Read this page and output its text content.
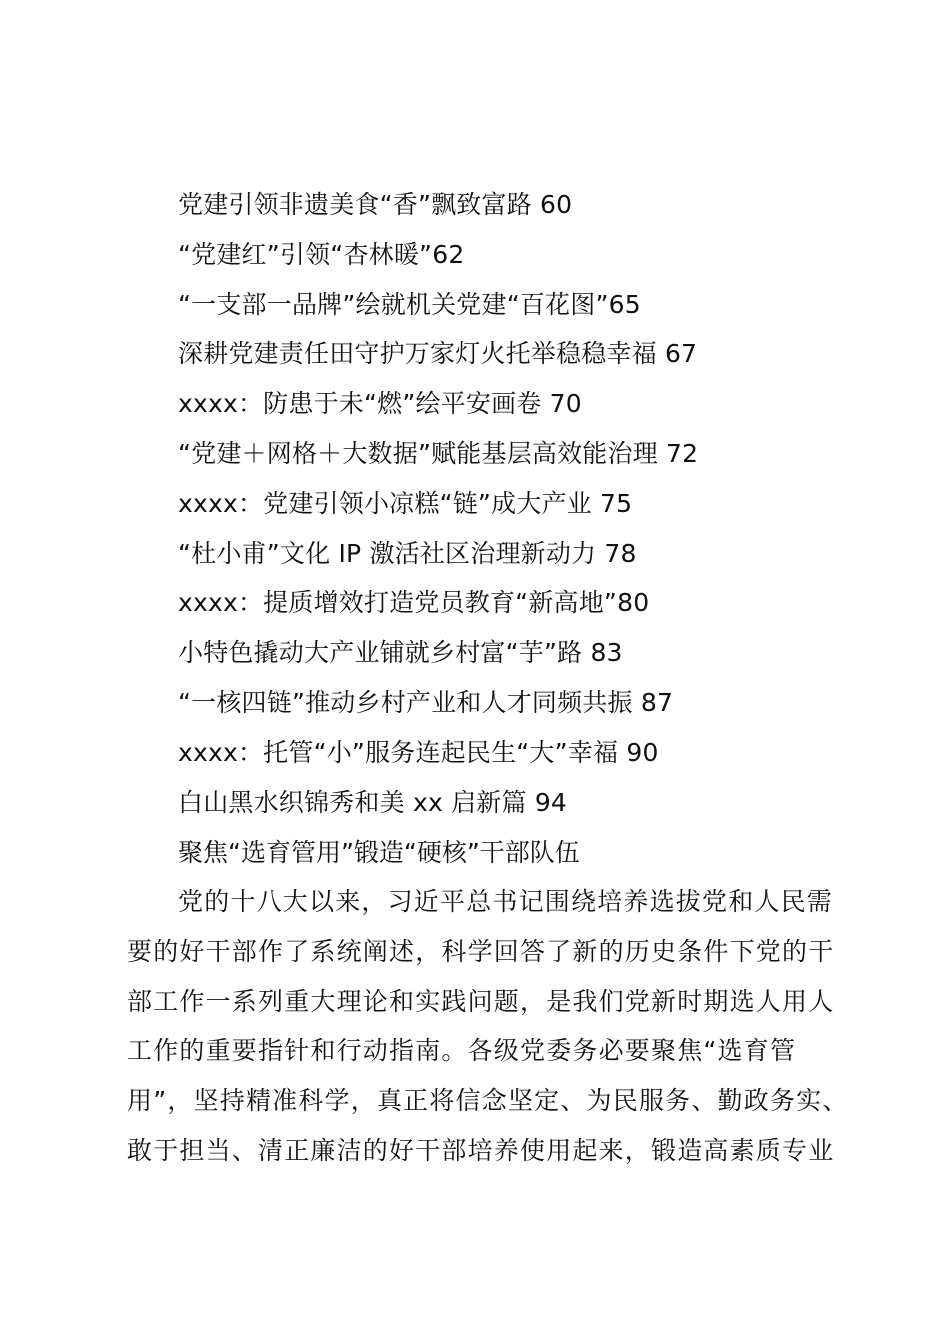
党建引领非遗美食“香”飘致富路 60
“党建红”引领“杏林暖”62
“一支部一品牌”绘就机关党建“百花图”65
深耕党建责任田守护万家灯火托举稳稳幸福 67
xxxx：防患于未“燃”绘平安画卷 70
“党建＋网格＋大数据”赋能基层高效能治理 72
xxxx：党建引领小凉糕“链”成大产业 75
“杜小甫”文化 IP 激活社区治理新动力 78
xxxx：提质增效打造党员教育“新高地”80
小特色撬动大产业铺就乡村富“芋”路 83
“一核四链”推动乡村产业和人才同频共振 87
xxxx：托管“小”服务连起民生“大”幸福 90
白山黑水织锦秀和美 xx 启新篇 94
聚焦“选育管用”锻造“硬核”干部队伍
党的十八大以来，习近平总书记围绕培养选拔党和人民需
要的好干部作了系统阐述，科学回答了新的历史条件下党的干
部工作一系列重大理论和实践问题，是我们党新时期选人用人
工作的重要指针和行动指南。各级党委务必要聚焦“选育管
用”，坚持精准科学，真正将信念坚定、为民服务、勤政务实、
敢于担当、清正廉洁的好干部培养使用起来，锻造高素质专业
